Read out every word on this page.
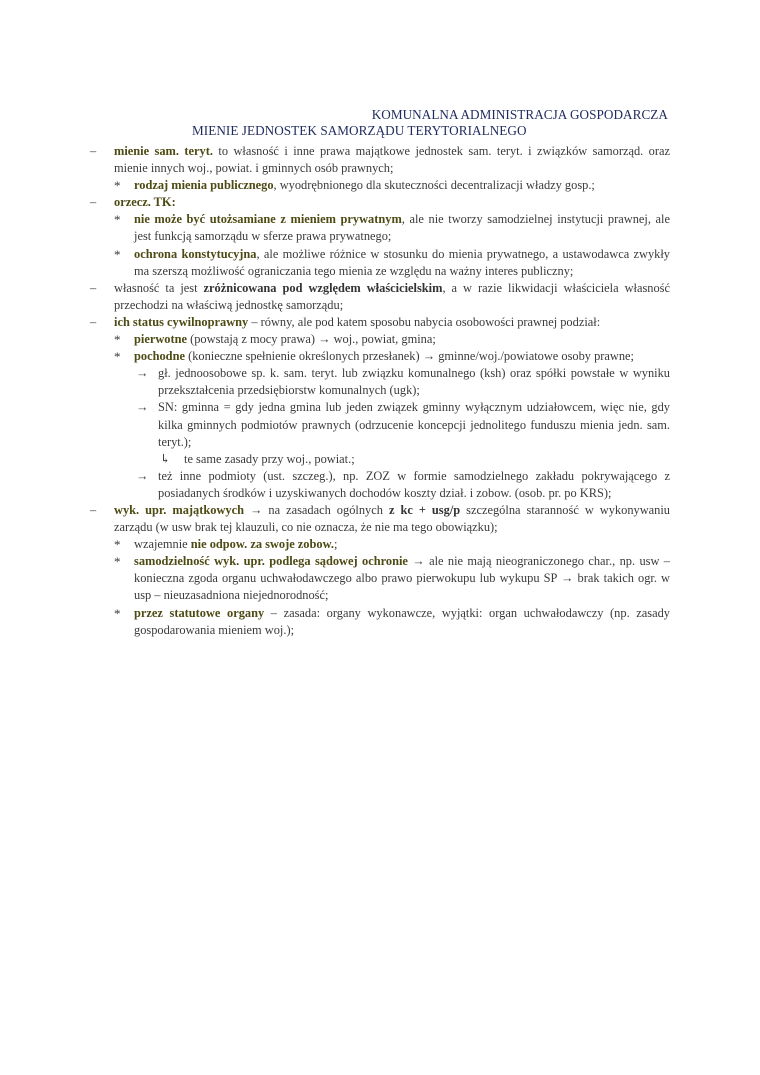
KOMUNALNA ADMINISTRACJA GOSPODARCZA
MIENIE JEDNOSTEK SAMORZĄDU TERYTORIALNEGO
– mienie sam. teryt. to własność i inne prawa majątkowe jednostek sam. teryt. i związków samorząd. oraz mienie innych woj., powiat. i gminnych osób prawnych;
* rodzaj mienia publicznego, wyodrębnionego dla skuteczności decentralizacji władzy gosp.;
– orzecz. TK:
* nie może być utożsamiane z mieniem prywatnym, ale nie tworzy samodzielnej instytucji prawnej, ale jest funkcją samorządu w sferze prawa prywatnego;
* ochrona konstytucyjna, ale możliwe różnice w stosunku do mienia prywatnego, a ustawodawca zwykły ma szerszą możliwość ograniczania tego mienia ze względu na ważny interes publiczny;
– własność ta jest zróżnicowana pod względem właścicielskim, a w razie likwidacji właściciela własność przechodzi na właściwą jednostkę samorządu;
– ich status cywilnoprawny – równy, ale pod katem sposobu nabycia osobowości prawnej podział:
* pierwotne (powstają z mocy prawa) → woj., powiat, gmina;
* pochodne (konieczne spełnienie określonych przesłanek) → gminne/woj./powiatowe osoby prawne;
→ gł. jednoosobowe sp. k. sam. teryt. lub związku komunalnego (ksh) oraz spółki powstałe w wyniku przekształcenia przedsiębiorstw komunalnych (ugk);
→ SN: gminna = gdy jedna gmina lub jeden związek gminny wyłącznym udziałowcem, więc nie, gdy kilka gminnych podmiotów prawnych (odrzucenie koncepcji jednolitego funduszu mienia jedn. sam. teryt.);
↳ te same zasady przy woj., powiat.;
→ też inne podmioty (ust. szczeg.), np. ZOZ w formie samodzielnego zakładu pokrywającego z posiadanych środków i uzyskiwanych dochodów koszty dział. i zobow. (osob. pr. po KRS);
– wyk. upr. majątkowych → na zasadach ogólnych z kc + usg/p szczególna staranność w wykonywaniu zarządu (w usw brak tej klauzuli, co nie oznacza, że nie ma tego obowiązku);
* wzajemnie nie odpow. za swoje zobow.;
* samodzielność wyk. upr. podlega sądowej ochronie → ale nie mają nieograniczonego char., np. usw – konieczna zgoda organu uchwałodawczego albo prawo pierwokupu lub wykupu SP → brak takich ogr. w usp – nieuzasadniona niejednorodność;
* przez statutowe organy – zasada: organy wykonawcze, wyjątki: organ uchwałodawczy (np. zasady gospodarowania mieniem woj.);
